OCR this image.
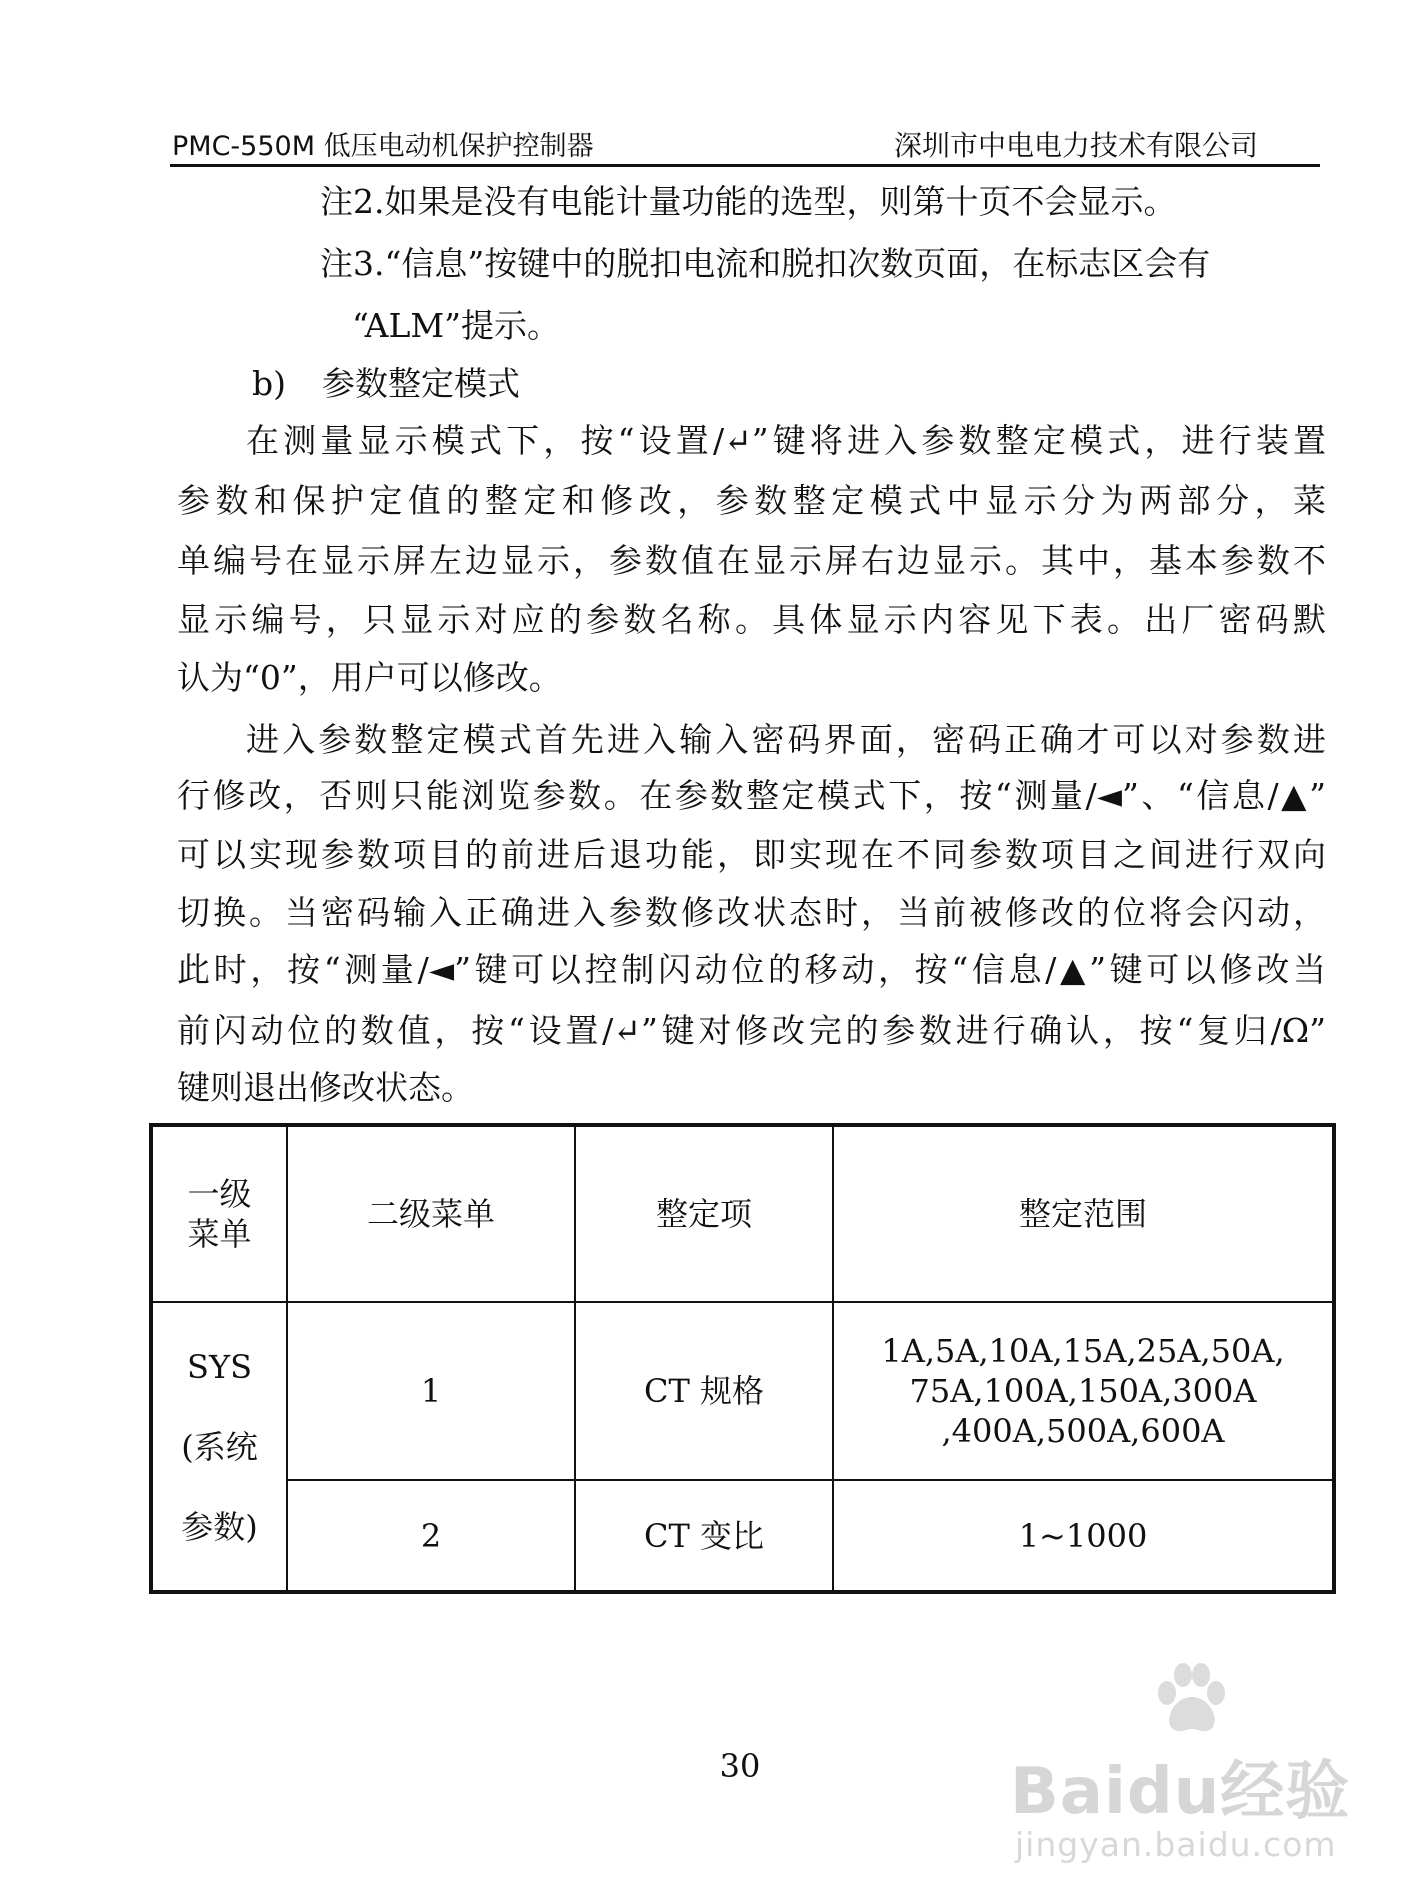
PMC-550M 低压电动机保护控制器	深圳市中电电力技术有限公司
注2.如果是没有电能计量功能的选型，则第十页不会显示。
注3.“信息”按键中的脱扣电流和脱扣次数页面，在标志区会有
“ALM”提示。
b) 参数整定模式
在测量显示模式下，按“设置/↵”键将进入参数整定模式，进行装置
参数和保护定值的整定和修改，参数整定模式中显示分为两部分，菜
单编号在显示屏左边显示，参数值在显示屏右边显示。其中，基本参数不
显示编号，只显示对应的参数名称。具体显示内容见下表。出厂密码默
认为“0”，用户可以修改。
进入参数整定模式首先进入输入密码界面，密码正确才可以对参数进
行修改，否则只能浏览参数。在参数整定模式下，按“测量/◄”、“信息/▲”
可以实现参数项目的前进后退功能，即实现在不同参数项目之间进行双向
切换。当密码输入正确进入参数修改状态时，当前被修改的位将会闪动，
此时，按“测量/◄”键可以控制闪动位的移动，按“信息/▲”键可以修改当
前闪动位的数值，按“设置/↵”键对修改完的参数进行确认，按“复归/Ω”
键则退出修改状态。
一级
菜单	二级菜单	整定项	整定范围
SYS

(系统

参数)	1	CT 规格	1A,5A,10A,15A,25A,50A,
75A,100A,150A,300A
,400A,500A,600A
	2	CT 变比	1~1000
30	Baidu经验
jingyan.baidu.com
